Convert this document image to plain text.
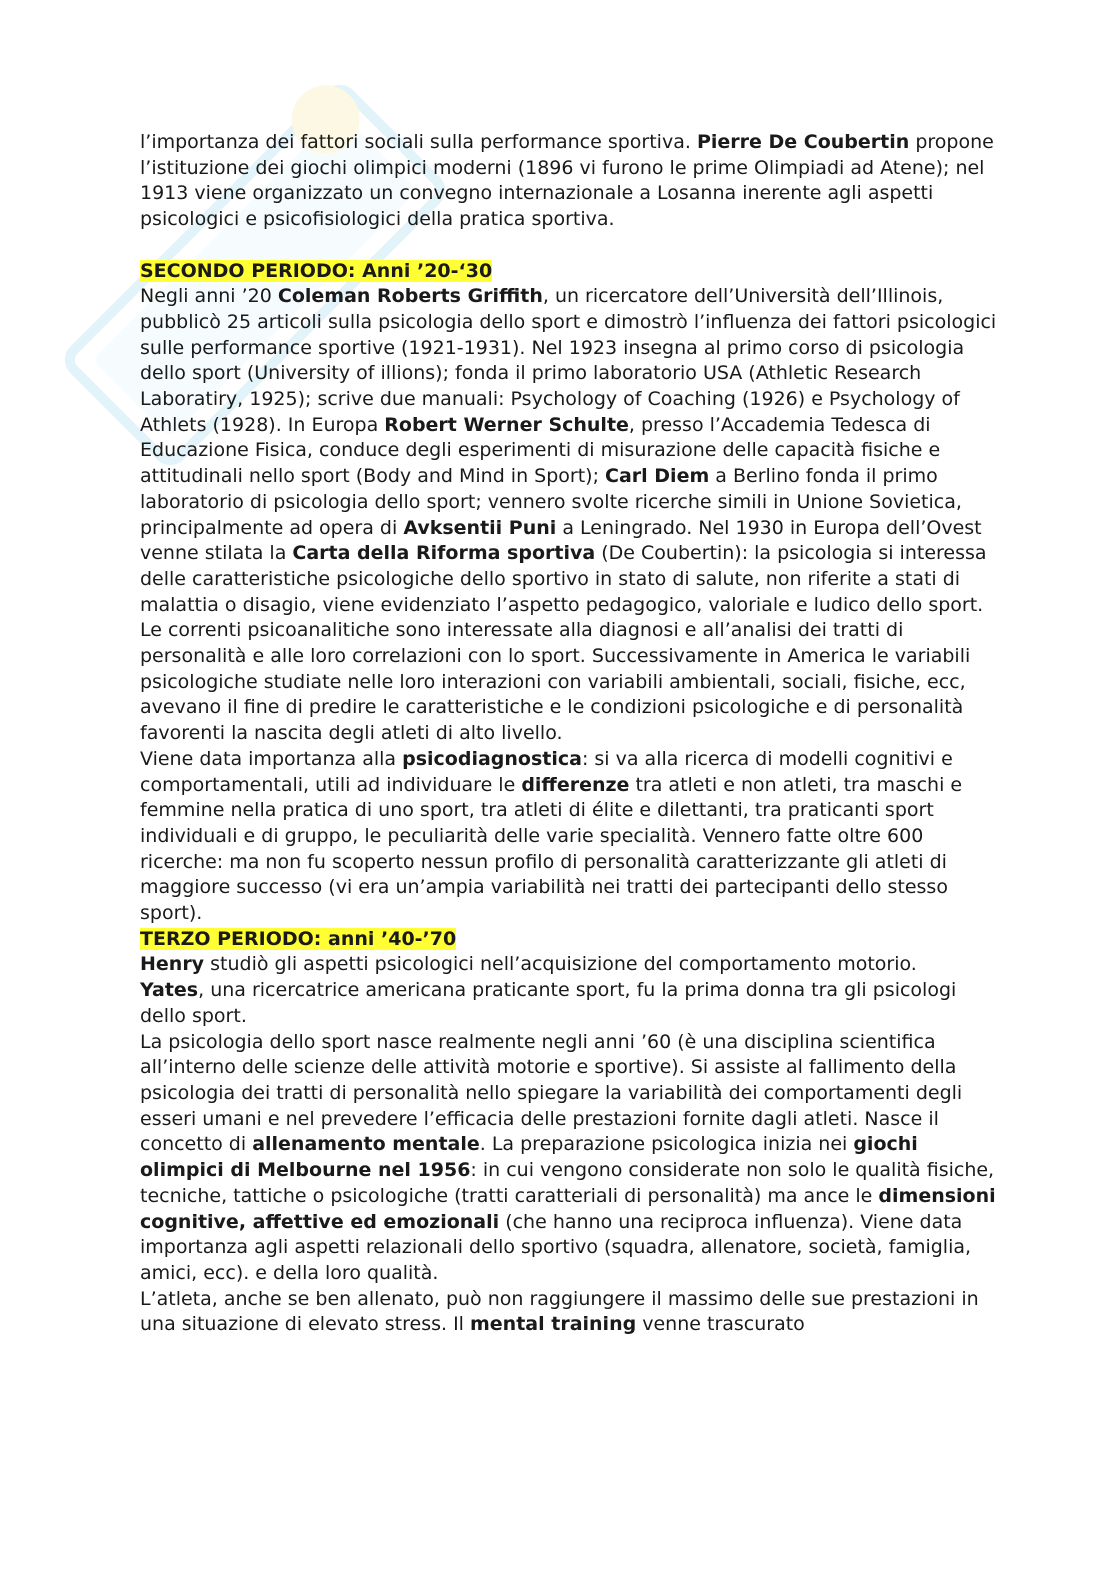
l’importanza dei fattori sociali sulla performance sportiva. Pierre De Coubertin propone l’istituzione dei giochi olimpici moderni (1896 vi furono le prime Olimpiadi ad Atene); nel 1913 viene organizzato un convegno internazionale a Losanna inerente agli aspetti psicologici e psicofisiologici della pratica sportiva.

SECONDO PERIODO: Anni ’20-‘30

Negli anni ’20 Coleman Roberts Griffith, un ricercatore dell’Università dell’Illinois, pubblicò 25 articoli sulla psicologia dello sport e dimostrò l’influenza dei fattori psicologici sulle performance sportive (1921-1931). Nel 1923 insegna al primo corso di psicologia dello sport (University of illions); fonda il primo laboratorio USA (Athletic Research Laboratiry, 1925); scrive due manuali: Psychology of Coaching (1926) e Psychology of Athlets (1928). In Europa Robert Werner Schulte, presso l’Accademia Tedesca di Educazione Fisica, conduce degli esperimenti di misurazione delle capacità fisiche e attitudinali nello sport (Body and Mind in Sport); Carl Diem a Berlino fonda il primo laboratorio di psicologia dello sport; vennero svolte ricerche simili in Unione Sovietica, principalmente ad opera di Avksentii Puni a Leningrado. Nel 1930 in Europa dell’Ovest venne stilata la Carta della Riforma sportiva (De Coubertin): la psicologia si interessa delle caratteristiche psicologiche dello sportivo in stato di salute, non riferite a stati di malattia o disagio, viene evidenziato l’aspetto pedagogico, valoriale e ludico dello sport.

Le correnti psicoanalitiche sono interessate alla diagnosi e all’analisi dei tratti di personalità e alle loro correlazioni con lo sport. Successivamente in America le variabili psicologiche studiate nelle loro interazioni con variabili ambientali, sociali, fisiche, ecc, avevano il fine di predire le caratteristiche e le condizioni psicologiche e di personalità favorenti la nascita degli atleti di alto livello.

Viene data importanza alla psicodiagnostica: si va alla ricerca di modelli cognitivi e comportamentali, utili ad individuare le differenze tra atleti e non atleti, tra maschi e femmine nella pratica di uno sport, tra atleti di élite e dilettanti, tra praticanti sport individuali e di gruppo, le peculiarità delle varie specialità. Vennero fatte oltre 600 ricerche: ma non fu scoperto nessun profilo di personalità caratterizzante gli atleti di maggiore successo (vi era un’ampia variabilità nei tratti dei partecipanti dello stesso sport).

TERZO PERIODO: anni ’40-’70

Henry studiò gli aspetti psicologici nell’acquisizione del comportamento motorio.

Yates, una ricercatrice americana praticante sport, fu la prima donna tra gli psicologi dello sport.

La psicologia dello sport nasce realmente negli anni ’60 (è una disciplina scientifica all’interno delle scienze delle attività motorie e sportive). Si assiste al fallimento della psicologia dei tratti di personalità nello spiegare la variabilità dei comportamenti degli esseri umani e nel prevedere l’efficacia delle prestazioni fornite dagli atleti. Nasce il concetto di allenamento mentale. La preparazione psicologica inizia nei giochi olimpici di Melbourne nel 1956: in cui vengono considerate non solo le qualità fisiche, tecniche, tattiche o psicologiche (tratti caratteriali di personalità) ma ance le dimensioni cognitive, affettive ed emozionali (che hanno una reciproca influenza). Viene data importanza agli aspetti relazionali dello sportivo (squadra, allenatore, società, famiglia, amici, ecc). e della loro qualità.

L’atleta, anche se ben allenato, può non raggiungere il massimo delle sue prestazioni in una situazione di elevato stress. Il mental training venne trascurato
